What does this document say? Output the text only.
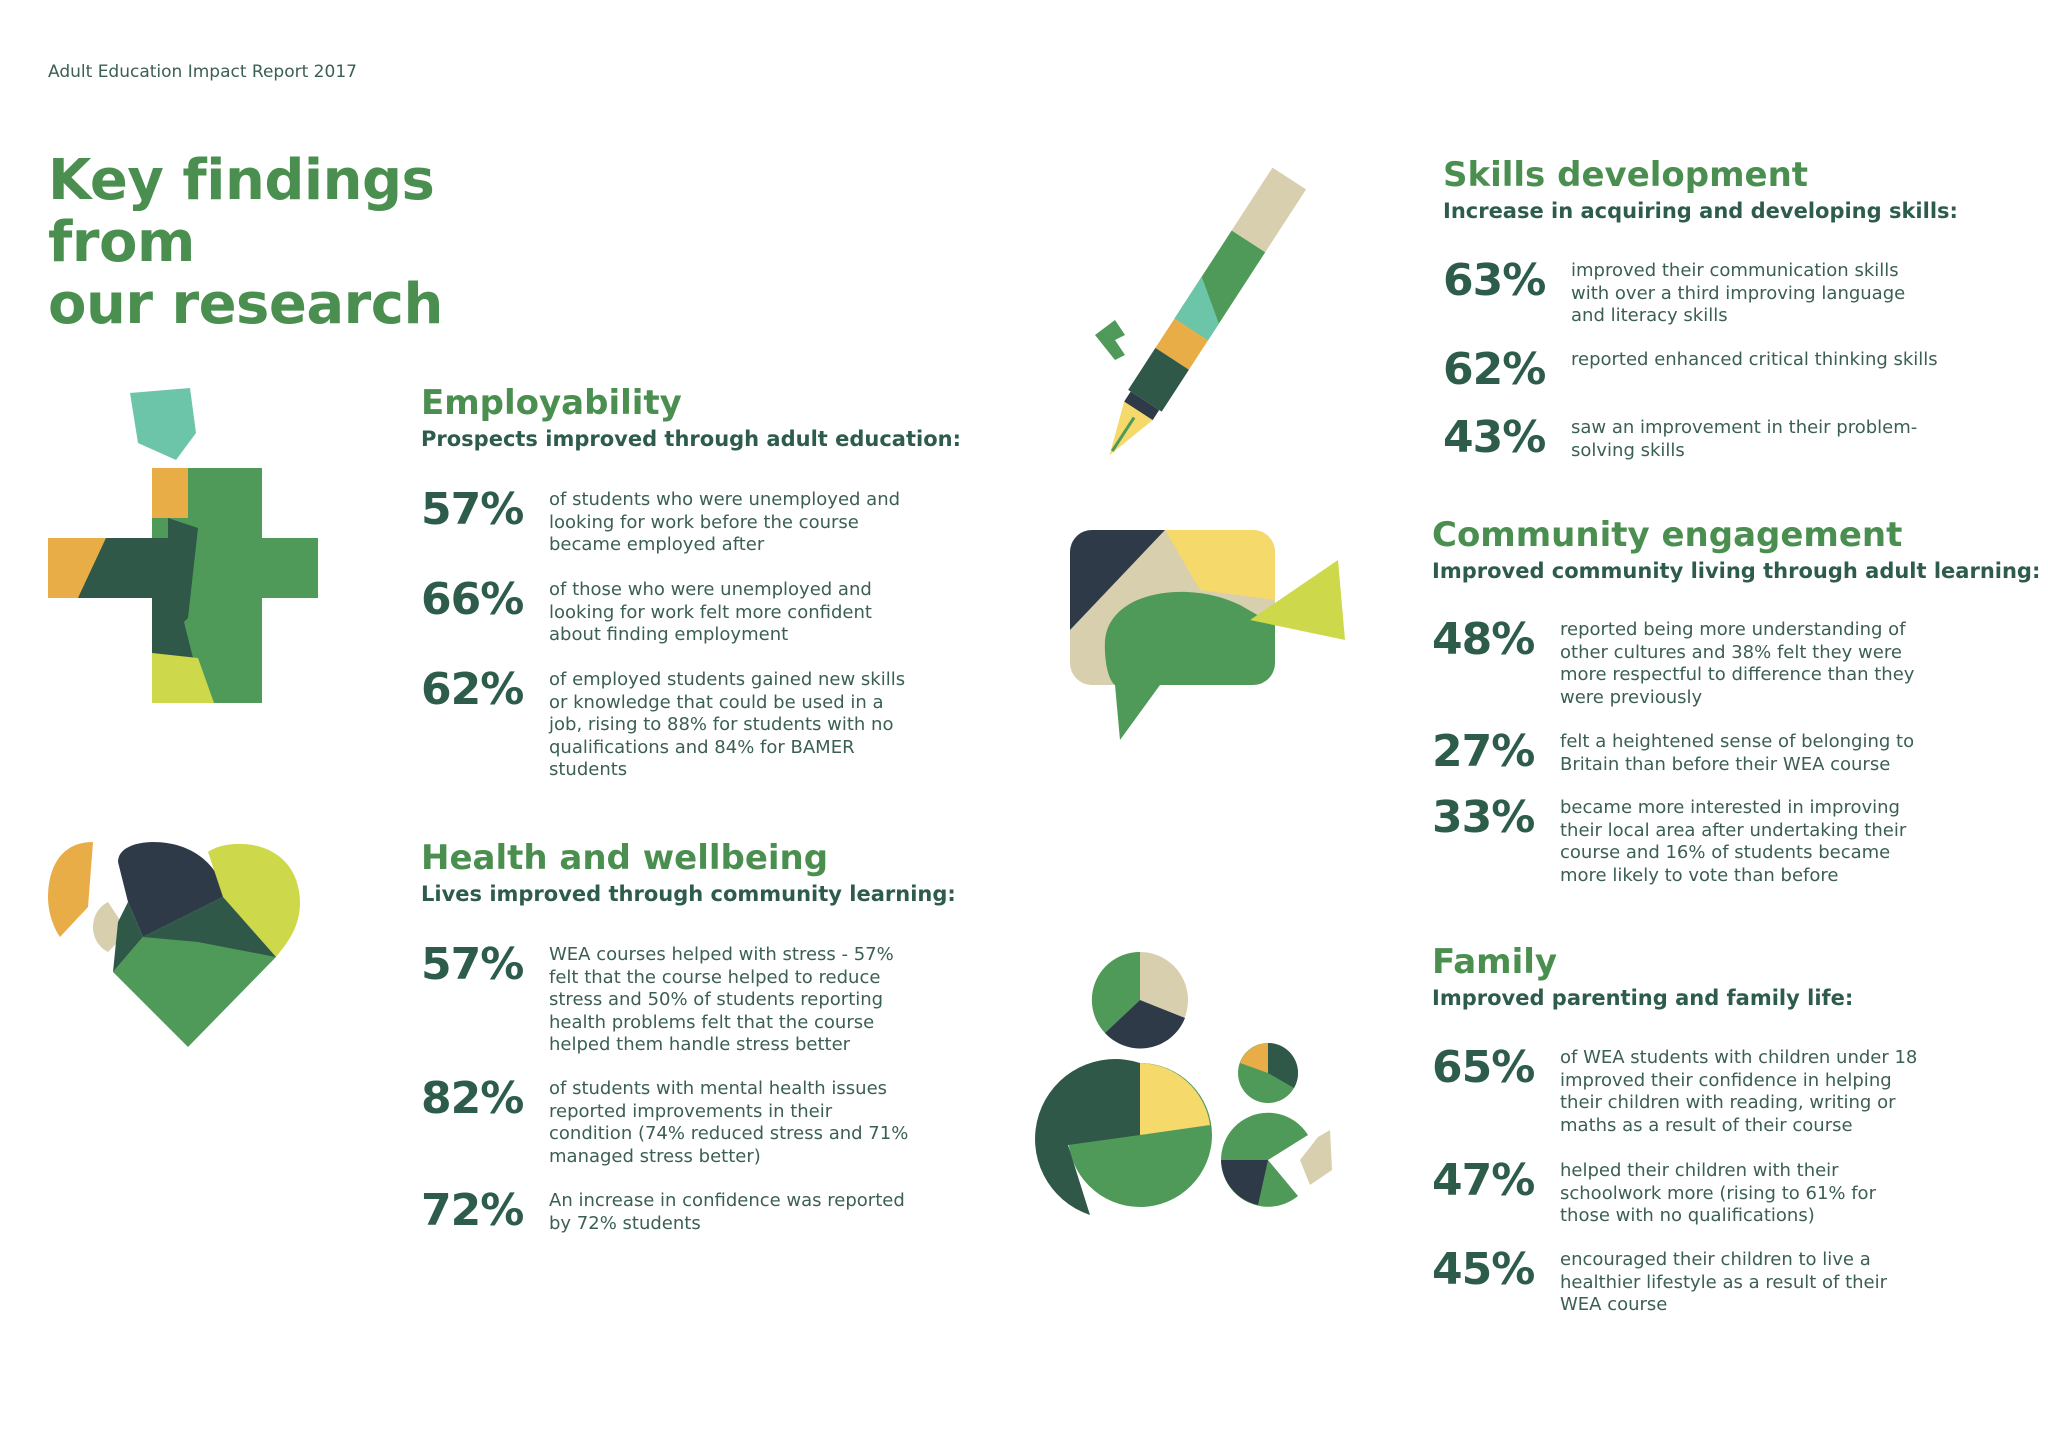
Adult Education Impact Report 2017
Key findings from
our research
Employability
Prospects improved through adult education:
57%	of students who were unemployed and looking for work before the course became employed after
66%	of those who were unemployed and looking for work felt more confident about finding employment
62%	of employed students gained new skills or knowledge that could be used in a job, rising to 88% for students with no qualifications and 84% for BAMER students
Health and wellbeing
Lives improved through community learning:
57%	WEA courses helped with stress - 57% felt that the course helped to reduce stress and 50% of students reporting health problems felt that the course helped them handle stress better
82%	of students with mental health issues reported improvements in their condition (74% reduced stress and 71% managed stress better)
72%	An increase in confidence was reported by 72% students
Skills development
Increase in acquiring and developing skills:
63%	improved their communication skills with over a third improving language and literacy skills
62%	reported enhanced critical thinking skills
43%	saw an improvement in their problem-solving skills
Community engagement
Improved community living through adult learning:
48%	reported being more understanding of other cultures and 38% felt they were more respectful to difference than they were previously
27%	felt a heightened sense of belonging to Britain than before their WEA course
33%	became more interested in improving their local area after undertaking their course and 16% of students became more likely to vote than before
Family
Improved parenting and family life:
65%	of WEA students with children under 18 improved their confidence in helping their children with reading, writing or maths as a result of their course
47%	helped their children with their schoolwork more (rising to 61% for those with no qualifications)
45%	encouraged their children to live a healthier lifestyle as a result of their WEA course
